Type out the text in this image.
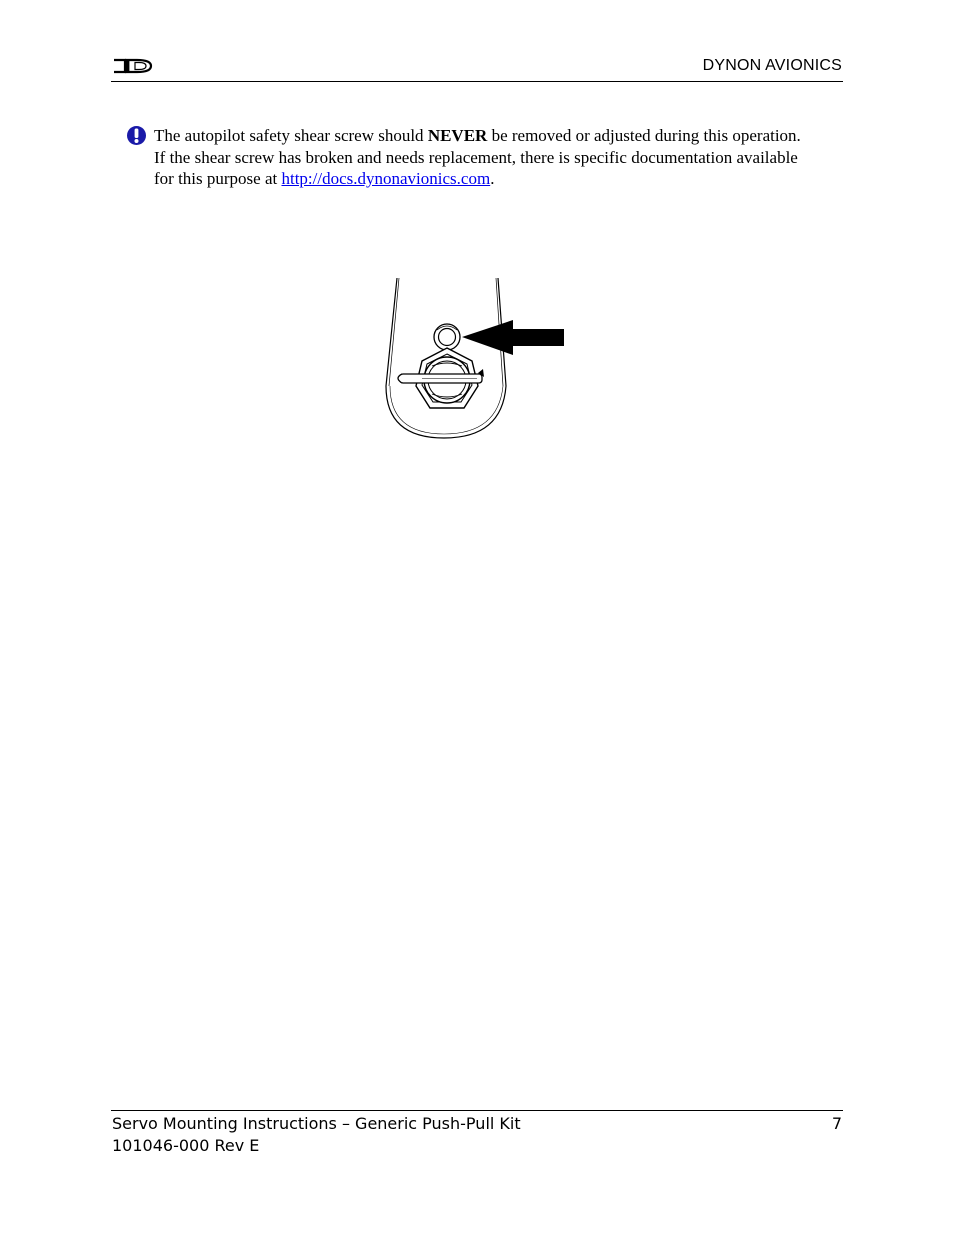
DYNON AVIONICS
The autopilot safety shear screw should NEVER be removed or adjusted during this operation. If the shear screw has broken and needs replacement, there is specific documentation available for this purpose at http://docs.dynonavionics.com.
Servo Mounting Instructions – Generic Push-Pull Kit	7
101046-000 Rev E
